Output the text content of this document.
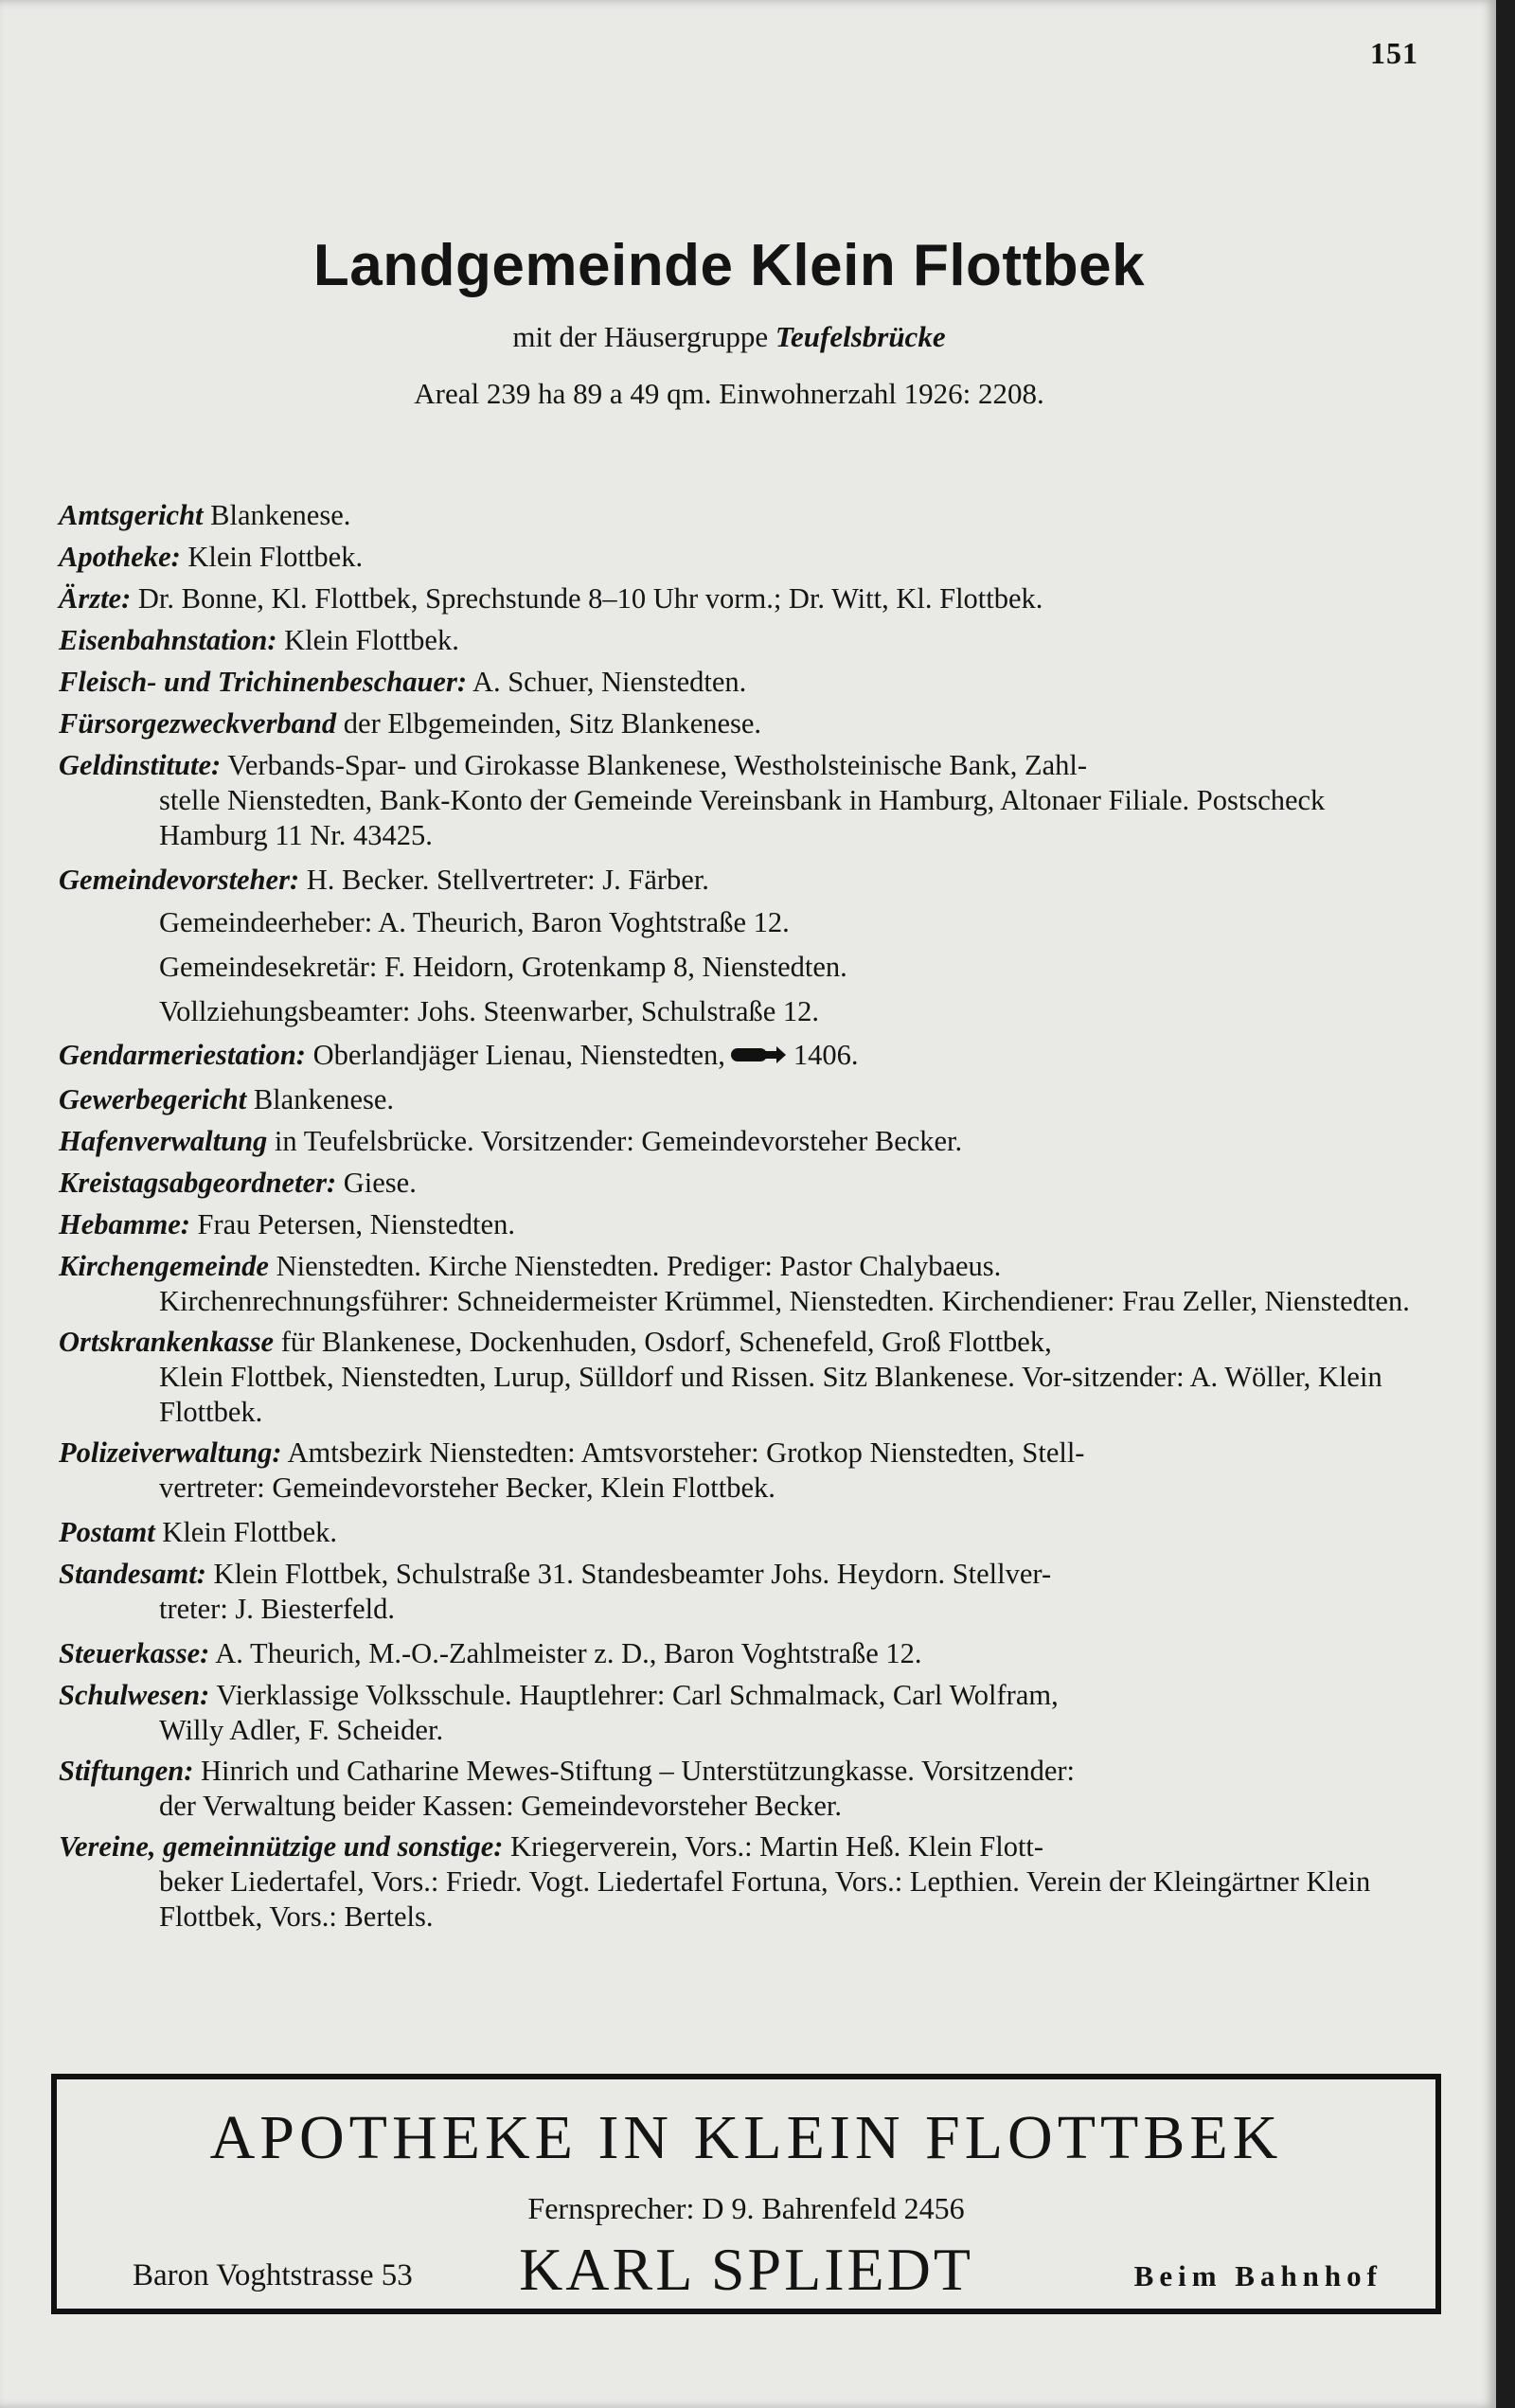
151
Landgemeinde Klein Flottbek
mit der Häusergruppe Teufelsbrücke
Areal 239 ha 89 a 49 qm. Einwohnerzahl 1926: 2208.
Amtsgericht Blankenese.
Apotheke: Klein Flottbek.
Ärzte: Dr. Bonne, Kl. Flottbek, Sprechstunde 8–10 Uhr vorm.; Dr. Witt, Kl. Flottbek.
Eisenbahnstation: Klein Flottbek.
Fleisch- und Trichinenbeschauer: A. Schuer, Nienstedten.
Fürsorgezweckverband der Elbgemeinden, Sitz Blankenese.
Geldinstitute: Verbands-Spar- und Girokasse Blankenese, Westholsteinische Bank, Zahl-
stelle Nienstedten, Bank-Konto der Gemeinde Vereinsbank in Hamburg, Altonaer Filiale. Postscheck Hamburg 11 Nr. 43425.
Gemeindevorsteher: H. Becker. Stellvertreter: J. Färber.
Gemeindeerheber: A. Theurich, Baron Voghtstraße 12.
Gemeindesekretär: F. Heidorn, Grotenkamp 8, Nienstedten.
Vollziehungsbeamter: Johs. Steenwarber, Schulstraße 12.
Gendarmeriestation: Oberlandjäger Lienau, Nienstedten, 1406.
Gewerbegericht Blankenese.
Hafenverwaltung in Teufelsbrücke. Vorsitzender: Gemeindevorsteher Becker.
Kreistagsabgeordneter: Giese.
Hebamme: Frau Petersen, Nienstedten.
Kirchengemeinde Nienstedten. Kirche Nienstedten. Prediger: Pastor Chalybaeus.
Kirchenrechnungsführer: Schneidermeister Krümmel, Nienstedten. Kirchendiener: Frau Zeller, Nienstedten.
Ortskrankenkasse für Blankenese, Dockenhuden, Osdorf, Schenefeld, Groß Flottbek,
Klein Flottbek, Nienstedten, Lurup, Sülldorf und Rissen. Sitz Blankenese. Vor-sitzender: A. Wöller, Klein Flottbek.
Polizeiverwaltung: Amtsbezirk Nienstedten: Amtsvorsteher: Grotkop Nienstedten, Stell-
vertreter: Gemeindevorsteher Becker, Klein Flottbek.
Postamt Klein Flottbek.
Standesamt: Klein Flottbek, Schulstraße 31. Standesbeamter Johs. Heydorn. Stellver-
treter: J. Biesterfeld.
Steuerkasse: A. Theurich, M.-O.-Zahlmeister z. D., Baron Voghtstraße 12.
Schulwesen: Vierklassige Volksschule. Hauptlehrer: Carl Schmalmack, Carl Wolfram,
Willy Adler, F. Scheider.
Stiftungen: Hinrich und Catharine Mewes-Stiftung – Unterstützungkasse. Vorsitzender:
der Verwaltung beider Kassen: Gemeindevorsteher Becker.
Vereine, gemeinnützige und sonstige: Kriegerverein, Vors.: Martin Heß. Klein Flott-
beker Liedertafel, Vors.: Friedr. Vogt. Liedertafel Fortuna, Vors.: Lepthien. Verein der Kleingärtner Klein Flottbek, Vors.: Bertels.
APOTHEKE IN KLEIN FLOTTBEK
Fernsprecher: D 9. Bahrenfeld 2456
Baron Voghtstrasse 53	KARL SPLIEDT	Beim Bahnhof
